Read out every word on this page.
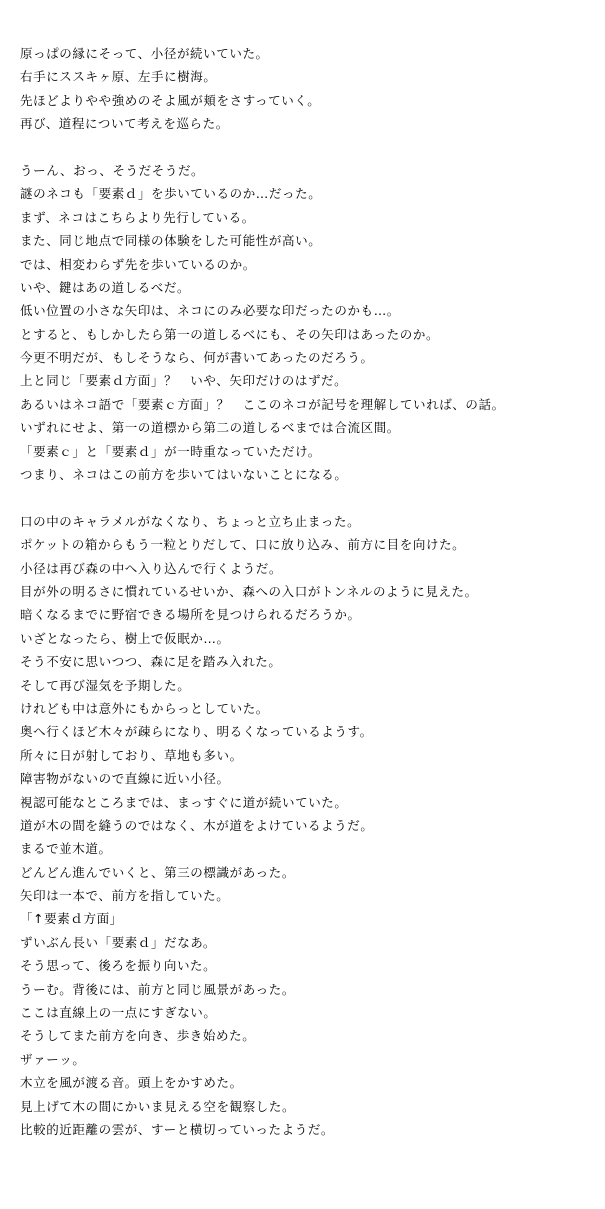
原っぱの縁にそって、小径が続いていた。
右手にススキヶ原、左手に樹海。
先ほどよりやや強めのそよ風が頬をさすっていく。
再び、道程について考えを巡らた。
うーん、おっ、そうだそうだ。
謎のネコも「要素ｄ」を歩いているのか…だった。
まず、ネコはこちらより先行している。
また、同じ地点で同様の体験をした可能性が高い。
では、相変わらず先を歩いているのか。
いや、鍵はあの道しるべだ。
低い位置の小さな矢印は、ネコにのみ必要な印だったのかも…。
とすると、もしかしたら第一の道しるべにも、その矢印はあったのか。
今更不明だが、もしそうなら、何が書いてあったのだろう。
上と同じ「要素ｄ方面」？　いや、矢印だけのはずだ。
あるいはネコ語で「要素ｃ方面」？　ここのネコが記号を理解していれば、の話。
いずれにせよ、第一の道標から第二の道しるべまでは合流区間。
「要素ｃ」と「要素ｄ」が一時重なっていただけ。
つまり、ネコはこの前方を歩いてはいないことになる。
口の中のキャラメルがなくなり、ちょっと立ち止まった。
ポケットの箱からもう一粒とりだして、口に放り込み、前方に目を向けた。
小径は再び森の中へ入り込んで行くようだ。
目が外の明るさに慣れているせいか、森への入口がトンネルのように見えた。
暗くなるまでに野宿できる場所を見つけられるだろうか。
いざとなったら、樹上で仮眠か…。
そう不安に思いつつ、森に足を踏み入れた。
そして再び湿気を予期した。
けれども中は意外にもからっとしていた。
奥へ行くほど木々が疎らになり、明るくなっているようす。
所々に日が射しており、草地も多い。
障害物がないので直線に近い小径。
視認可能なところまでは、まっすぐに道が続いていた。
道が木の間を縫うのではなく、木が道をよけているようだ。
まるで並木道。
どんどん進んでいくと、第三の標識があった。
矢印は一本で、前方を指していた。
「↑要素ｄ方面」
ずいぶん長い「要素ｄ」だなあ。
そう思って、後ろを振り向いた。
うーむ。背後には、前方と同じ風景があった。
ここは直線上の一点にすぎない。
そうしてまた前方を向き、歩き始めた。
ザァーッ。
木立を風が渡る音。頭上をかすめた。
見上げて木の間にかいま見える空を観察した。
比較的近距離の雲が、すーと横切っていったようだ。
